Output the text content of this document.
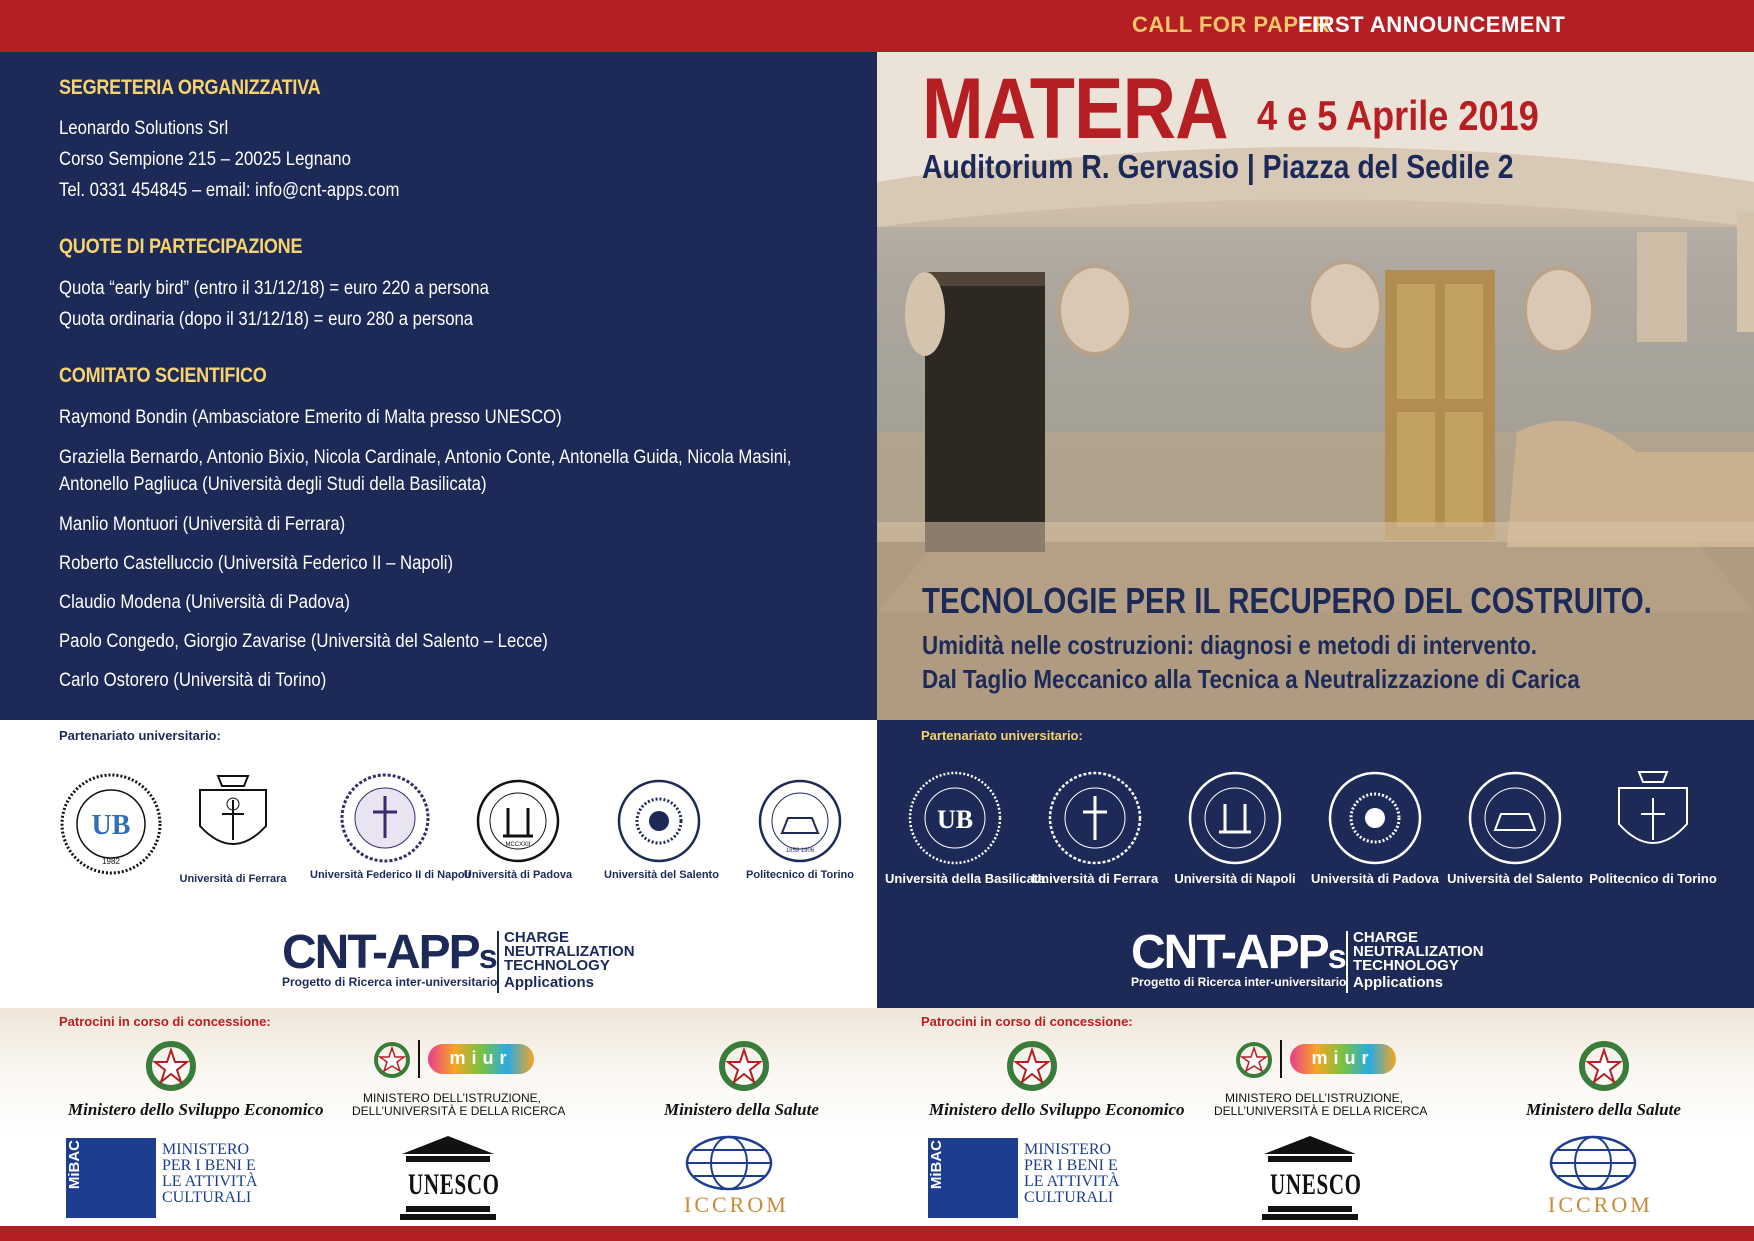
CALL FOR PAPER
FIRST ANNOUNCEMENT
SEGRETERIA ORGANIZZATIVA
Leonardo Solutions Srl
Corso Sempione 215 – 20025 Legnano
Tel. 0331 454845 – email: info@cnt-apps.com
QUOTE DI PARTECIPAZIONE
Quota “early bird” (entro il 31/12/18) = euro 220 a persona
Quota ordinaria (dopo il 31/12/18) = euro 280 a persona
COMITATO SCIENTIFICO
Raymond Bondin (Ambasciatore Emerito di Malta presso UNESCO)
Graziella Bernardo, Antonio Bixio, Nicola Cardinale, Antonio Conte, Antonella Guida, Nicola Masini,
Antonello Pagliuca (Università degli Studi della Basilicata)
Manlio Montuori (Università di Ferrara)
Roberto Castelluccio (Università Federico II – Napoli)
Claudio Modena (Università di Padova)
Paolo Congedo, Giorgio Zavarise (Università del Salento – Lecce)
Carlo Ostorero (Università di Torino)
MATERA 4 e 5 Aprile 2019
Auditorium R. Gervasio | Piazza del Sedile 2
TECNOLOGIE PER IL RECUPERO DEL COSTRUITO.
Umidità nelle costruzioni: diagnosi e metodi di intervento.
Dal Taglio Meccanico alla Tecnica a Neutralizzazione di Carica
Partenariato universitario:
UB
1982
Università di Ferrara Università Federico II di Napoli
MCCXXII
Università di Padova	Università del Salento
1859 1906
Politecnico di Torino
CNT-APPs
CHARGE
NEUTRALIZATION
TECHNOLOGY
Progetto di Ricerca inter-universitario Applications
Partenariato universitario:
UB
Università della Basilicata
Università di Ferrara	Università di Napoli	Università di Padova Università del Salento Politecnico di Torino
CNT-APPs
CHARGE
NEUTRALIZATION
TECHNOLOGY
Progetto di Ricerca inter-universitario Applications
Patrocini in corso di concessione:	Patrocini in corso di concessione:
Ministero dello Sviluppo Economico
miur
MINISTERO DELL’ISTRUZIONE,
DELL’UNIVERSITÀ E DELLA RICERCA	Ministero della Salute
MiBAC	MINISTERO
PER I BENI E
LE ATTIVITÀ
CULTURALI	UNESCO
ICCROM
Ministero dello Sviluppo Economico
miur
MINISTERO DELL’ISTRUZIONE,
DELL’UNIVERSITÀ E DELLA RICERCA	Ministero della Salute
MiBAC	MINISTERO
PER I BENI E
LE ATTIVITÀ
CULTURALI	UNESCO
ICCROM
